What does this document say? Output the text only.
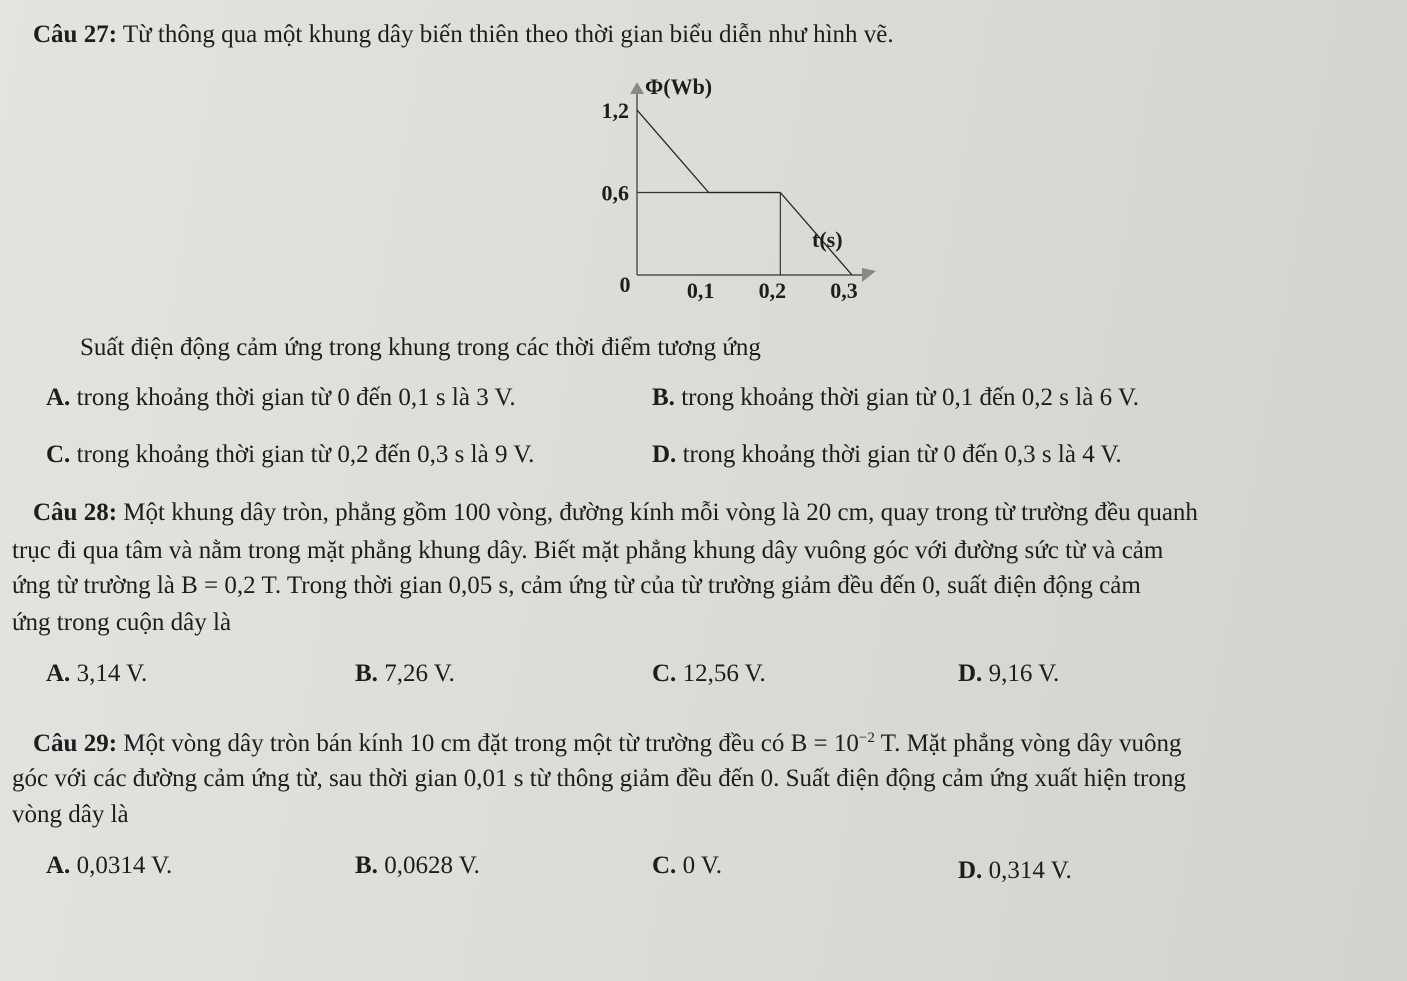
Câu 27: Từ thông qua một khung dây biến thiên theo thời gian biểu diễn như hình vẽ.
Φ(Wb)
1,2
0,6
t(s)
0	0,1 0,2 0,3
Suất điện động cảm ứng trong khung trong các thời điểm tương ứng
A. trong khoảng thời gian từ 0 đến 0,1 s là 3 V.	B. trong khoảng thời gian từ 0,1 đến 0,2 s là 6 V.
C. trong khoảng thời gian từ 0,2 đến 0,3 s là 9 V.	D. trong khoảng thời gian từ 0 đến 0,3 s là 4 V.
Câu 28: Một khung dây tròn, phẳng gồm 100 vòng, đường kính mỗi vòng là 20 cm, quay trong từ trường đều quanh
trục đi qua tâm và nằm trong mặt phẳng khung dây. Biết mặt phẳng khung dây vuông góc với đường sức từ và cảm
ứng từ trường là B = 0,2 T. Trong thời gian 0,05 s, cảm ứng từ của từ trường giảm đều đến 0, suất điện động cảm
ứng trong cuộn dây là
A. 3,14 V.	B. 7,26 V.	C. 12,56 V.	D. 9,16 V.
Câu 29: Một vòng dây tròn bán kính 10 cm đặt trong một từ trường đều có $B = 10^{-2}$ T. Mặt phẳng vòng dây vuông
góc với các đường cảm ứng từ, sau thời gian 0,01 s từ thông giảm đều đến 0. Suất điện động cảm ứng xuất hiện trong
vòng dây là
A. 0,0314 V.	B. 0,0628 V.	C. 0 V.	D. 0,314 V.
